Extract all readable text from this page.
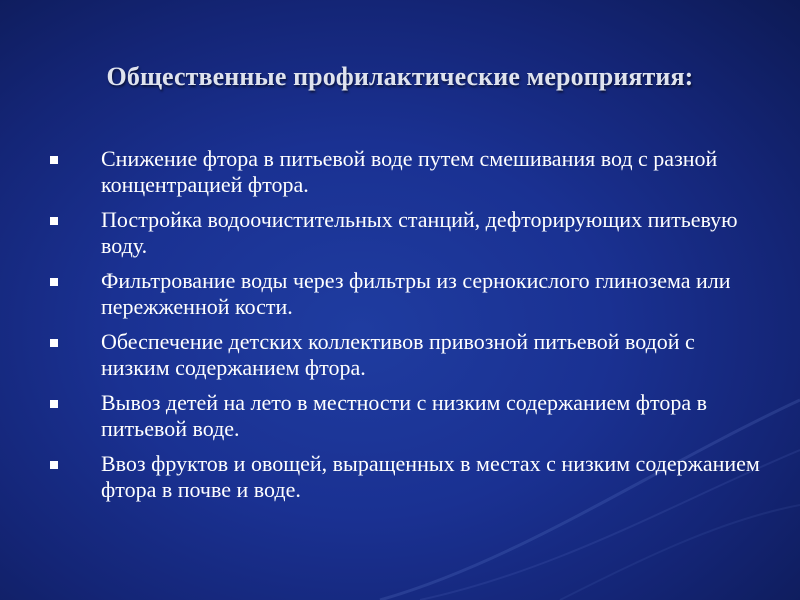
Общественные профилактические мероприятия:
Снижение фтора в питьевой воде путем смешивания вод с разной концентрацией фтора.
Постройка водоочистительных станций, дефторирующих питьевую воду.
Фильтрование воды через фильтры из сернокислого глинозема или пережженной кости.
Обеспечение детских коллективов привозной питьевой водой с низким содержанием фтора.
Вывоз детей на лето в местности с низким содержанием фтора в питьевой воде.
Ввоз фруктов и овощей, выращенных в местах с низким содержанием фтора в почве и воде.
